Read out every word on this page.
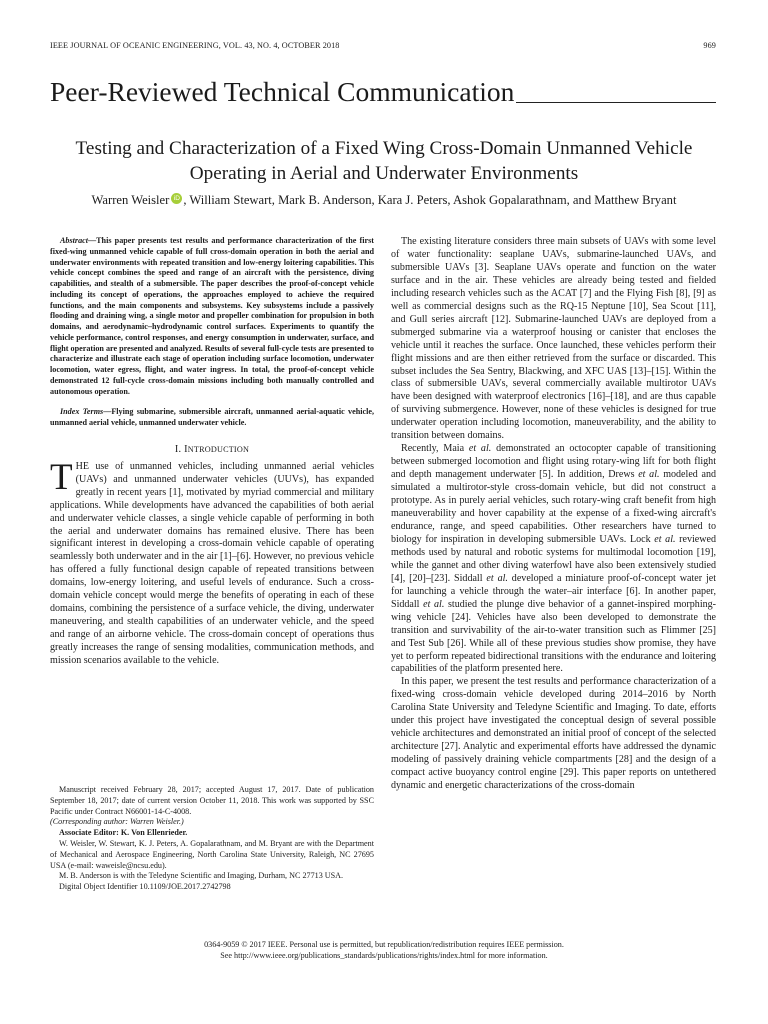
IEEE JOURNAL OF OCEANIC ENGINEERING, VOL. 43, NO. 4, OCTOBER 2018	969
Peer-Reviewed Technical Communication
Testing and Characterization of a Fixed Wing Cross-Domain Unmanned Vehicle
Operating in Aerial and Underwater Environments
Warren Weisler iD , William Stewart, Mark B. Anderson, Kara J. Peters, Ashok Gopalarathnam, and Matthew Bryant

Abstract—This paper presents test results and performance characterization of the first fixed-wing unmanned vehicle capable of full cross-domain operation in both the aerial and underwater environments with repeated transition and low-energy loitering capabilities. This vehicle concept combines the speed and range of an aircraft with the persistence, diving capabilities, and stealth of a submersible. The paper describes the proof-of-concept vehicle including its concept of operations, the approaches employed to achieve the required functions, and the main components and subsystems. Key subsystems include a passively flooding and draining wing, a single motor and propeller combination for propulsion in both domains, and aerodynamic–hydrodynamic control surfaces. Experiments to quantify the vehicle performance, control responses, and energy consumption in underwater, surface, and flight operation are presented and analyzed. Results of several full-cycle tests are presented to characterize and illustrate each stage of operation including surface locomotion, underwater locomotion, water egress, flight, and water ingress. In total, the proof-of-concept vehicle demonstrated 12 full-cycle cross-domain missions including both manually controlled and autonomous operation.

Index Terms—Flying submarine, submersible aircraft, unmanned aerial-aquatic vehicle, unmanned aerial vehicle, unmanned underwater vehicle.

I. INTRODUCTION

THE use of unmanned vehicles, including unmanned aerial vehicles (UAVs) and unmanned underwater vehicles (UUVs), has expanded greatly in recent years [1], motivated by myriad commercial and military applications. While developments have advanced the capabilities of both aerial and underwater vehicle classes, a single vehicle capable of performing in both the aerial and underwater domains has remained elusive. There has been significant interest in developing a cross-domain vehicle capable of operating seamlessly both underwater and in the air [1]–[6]. However, no previous vehicle has offered a fully functional design capable of repeated transitions between domains, low-energy loitering, and useful levels of endurance. Such a cross-domain vehicle concept would merge the benefits of operating in each of these domains, combining the persistence of a surface vehicle, the diving, underwater maneuvering, and stealth capabilities of an underwater vehicle, and the speed and range of an airborne vehicle. The cross-domain concept of operations thus greatly increases the range of sensing modalities, communication methods, and mission scenarios available to the vehicle.

Manuscript received February 28, 2017; accepted August 17, 2017. Date of publication September 18, 2017; date of current version October 11, 2018. This work was supported by SSC Pacific under Contract N66001-14-C-4008.

(Corresponding author: Warren Weisler.)

Associate Editor: K. Von Ellenrieder.

W. Weisler, W. Stewart, K. J. Peters, A. Gopalarathnam, and M. Bryant are with the Department of Mechanical and Aerospace Engineering, North Carolina State University, Raleigh, NC 27695 USA (e-mail: waweisle@ncsu.edu).

M. B. Anderson is with the Teledyne Scientific and Imaging, Durham, NC 27713 USA.

Digital Object Identifier 10.1109/JOE.2017.2742798

The existing literature considers three main subsets of UAVs with some level of water functionality: seaplane UAVs, submarine-launched UAVs, and submersible UAVs [3]. Seaplane UAVs operate and function on the water surface and in the air. These vehicles are already being tested and fielded including research vehicles such as the ACAT [7] and the Flying Fish [8], [9] as well as commercial designs such as the RQ-15 Neptune [10], Sea Scout [11], and Gull series aircraft [12]. Submarine-launched UAVs are deployed from a submerged submarine via a waterproof housing or canister that encloses the vehicle until it reaches the surface. Once launched, these vehicles perform their flight missions and are then either retrieved from the surface or discarded. This subset includes the Sea Sentry, Blackwing, and XFC UAS [13]–[15]. Within the class of submersible UAVs, several commercially available multirotor UAVs have been designed with waterproof electronics [16]–[18], and are thus capable of surviving submergence. However, none of these vehicles is designed for true underwater operation including locomotion, maneuverability, and the ability to transition between domains.

Recently, Maia et al. demonstrated an octocopter capable of transitioning between submerged locomotion and flight using rotary-wing lift for both flight and depth management underwater [5]. In addition, Drews et al. modeled and simulated a multirotor-style cross-domain vehicle, but did not construct a prototype. As in purely aerial vehicles, such rotary-wing craft benefit from high maneuverability and hover capability at the expense of a fixed-wing aircraft's endurance, range, and speed capabilities. Other researchers have turned to biology for inspiration in developing submersible UAVs. Lock et al. reviewed methods used by natural and robotic systems for multimodal locomotion [19], while the gannet and other diving waterfowl have also been extensively studied [4], [20]–[23]. Siddall et al. developed a miniature proof-of-concept water jet for launching a vehicle through the water–air interface [6]. In another paper, Siddall et al. studied the plunge dive behavior of a gannet-inspired morphing-wing vehicle [24]. Vehicles have also been developed to demonstrate the transition and survivability of the air-to-water transition such as Flimmer [25] and Test Sub [26]. While all of these previous studies show promise, they have yet to perform repeated bidirectional transitions with the endurance and loitering capabilities of the platform presented here.

In this paper, we present the test results and performance characterization of a fixed-wing cross-domain vehicle developed during 2014–2016 by North Carolina State University and Teledyne Scientific and Imaging. To date, efforts under this project have investigated the conceptual design of several possible vehicle architectures and demonstrated an initial proof of concept of the selected architecture [27]. Analytic and experimental efforts have addressed the dynamic modeling of passively draining vehicle compartments [28] and the design of a compact active buoyancy control engine [29]. This paper reports on untethered dynamic and energetic characterizations of the cross-domain

0364-9059 © 2017 IEEE. Personal use is permitted, but republication/redistribution requires IEEE permission.
See http://www.ieee.org/publications_standards/publications/rights/index.html for more information.
